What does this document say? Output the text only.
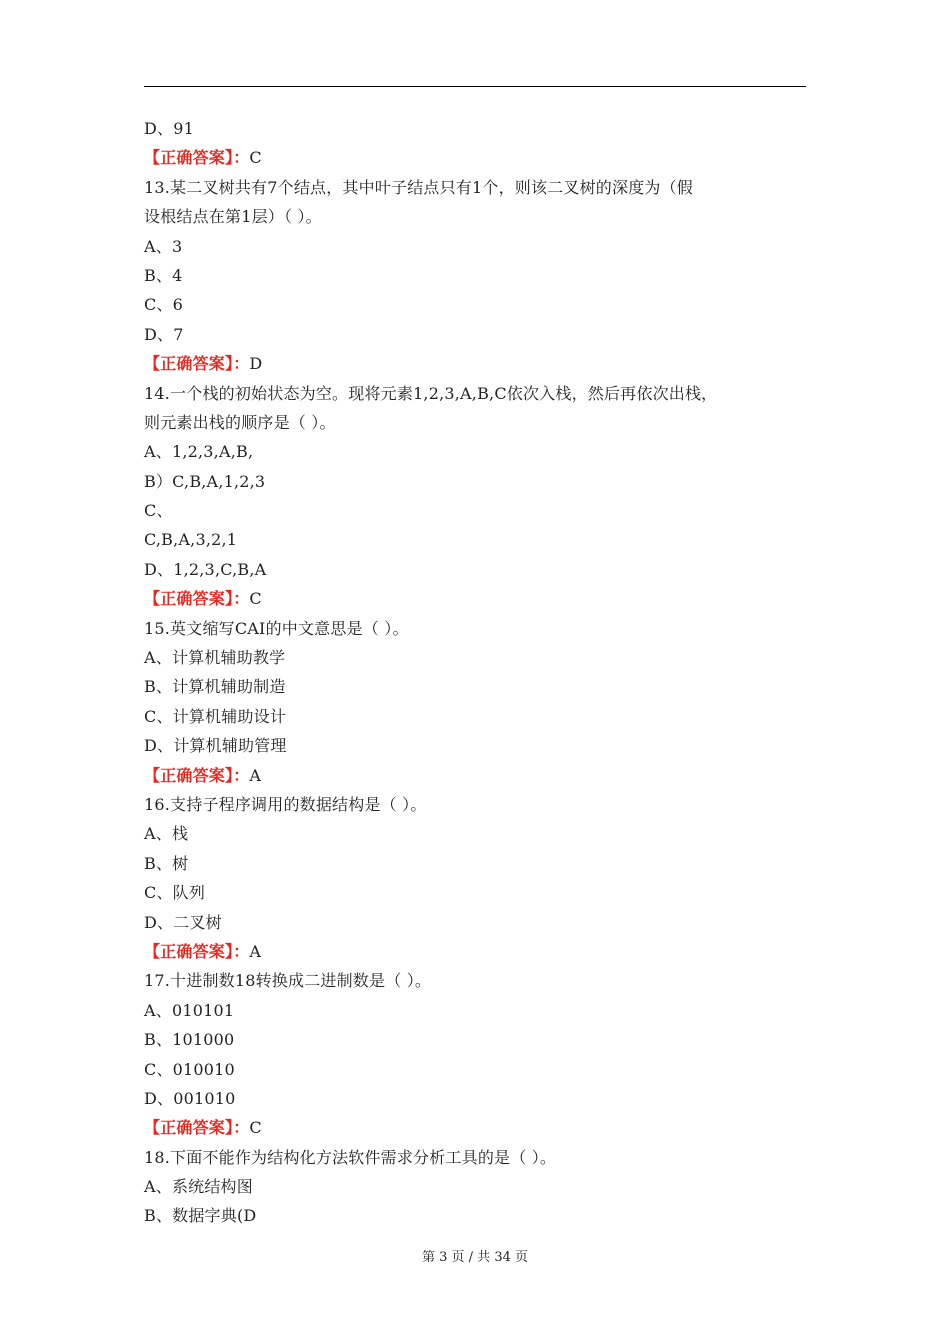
D、91
【正确答案】：C
13.某二叉树共有7个结点，其中叶子结点只有1个，则该二叉树的深度为（假
设根结点在第1层）（ ）。
A、3
B、4
C、6
D、7
【正确答案】：D
14.一个栈的初始状态为空。现将元素1,2,3,A,B,C依次入栈，然后再依次出栈，
则元素出栈的顺序是（ ）。
A、1,2,3,A,B,
B）C,B,A,1,2,3
C、
C,B,A,3,2,1
D、1,2,3,C,B,A
【正确答案】：C
15.英文缩写CAI的中文意思是（ ）。
A、计算机辅助教学
B、计算机辅助制造
C、计算机辅助设计
D、计算机辅助管理
【正确答案】：A
16.支持子程序调用的数据结构是（ ）。
A、栈
B、树
C、队列
D、二叉树
【正确答案】：A
17.十进制数18转换成二进制数是（ ）。
A、010101
B、101000
C、010010
D、001010
【正确答案】：C
18.下面不能作为结构化方法软件需求分析工具的是（ ）。
A、系统结构图
B、数据字典(D
第 3 页 / 共 34 页
